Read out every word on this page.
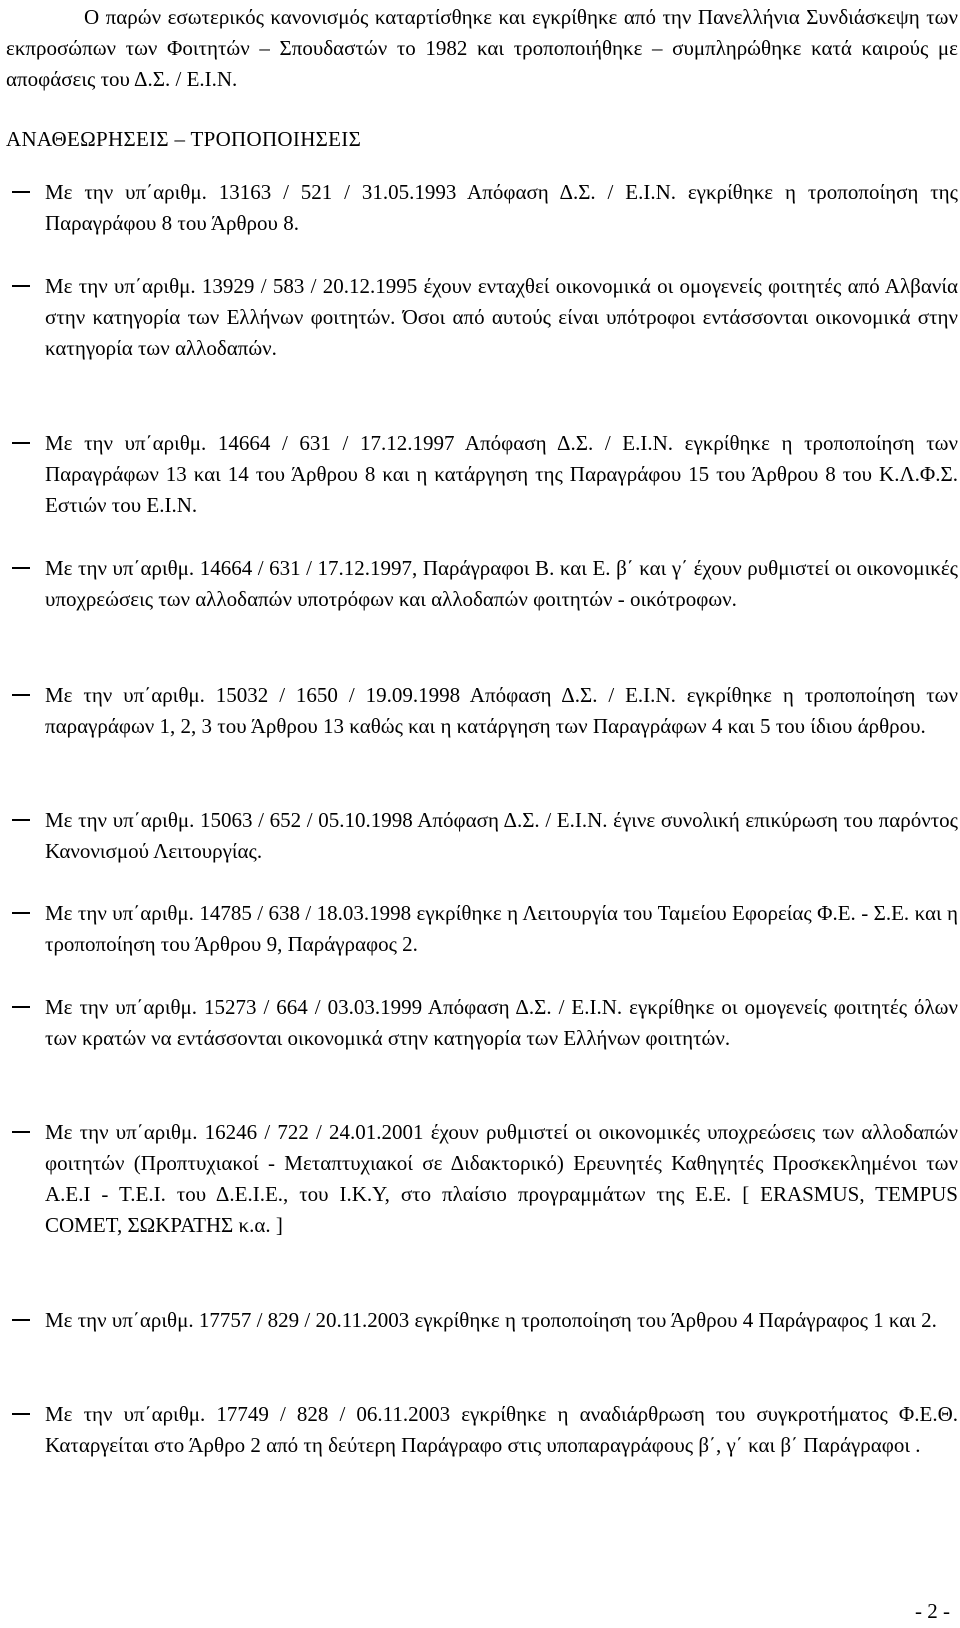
Ο παρών εσωτερικός κανονισμός καταρτίσθηκε και εγκρίθηκε από την Πανελλήνια Συνδιάσκεψη των εκπροσώπων των Φοιτητών – Σπουδαστών το 1982 και τροποποιήθηκε – συμπληρώθηκε κατά καιρούς με αποφάσεις του Δ.Σ. / Ε.Ι.Ν.

ΑΝΑΘΕΩΡΗΣΕΙΣ – ΤΡΟΠΟΠΟΙΗΣΕΙΣ

Με την υπ΄αριθμ. 13163 / 521 / 31.05.1993 Απόφαση Δ.Σ. / Ε.Ι.Ν. εγκρίθηκε η τροποποίηση της Παραγράφου 8 του Άρθρου 8.

Με την υπ΄αριθμ. 13929 / 583 / 20.12.1995 έχουν ενταχθεί οικονομικά οι ομογενείς φοιτητές από Αλβανία στην κατηγορία των Ελλήνων φοιτητών. Όσοι από αυτούς είναι υπότροφοι εντάσσονται οικονομικά στην κατηγορία των αλλοδαπών.

Με την υπ΄αριθμ. 14664 / 631 / 17.12.1997 Απόφαση Δ.Σ. / Ε.Ι.Ν. εγκρίθηκε η τροποποίηση των Παραγράφων 13 και 14 του Άρθρου 8 και η κατάργηση της Παραγράφου 15 του Άρθρου 8 του Κ.Λ.Φ.Σ. Εστιών του Ε.Ι.Ν.

Με την υπ΄αριθμ. 14664 / 631 / 17.12.1997, Παράγραφοι Β. και Ε. β΄ και γ΄ έχουν ρυθμιστεί οι οικονομικές υποχρεώσεις των αλλοδαπών υποτρόφων και αλλοδαπών φοιτητών - οικότροφων.

Με την υπ΄αριθμ. 15032 / 1650 / 19.09.1998 Απόφαση Δ.Σ. / Ε.Ι.Ν. εγκρίθηκε η τροποποίηση των παραγράφων 1, 2, 3 του Άρθρου 13 καθώς και η κατάργηση των Παραγράφων 4 και 5 του ίδιου άρθρου.

Με την υπ΄αριθμ. 15063 / 652 / 05.10.1998 Απόφαση Δ.Σ. / Ε.Ι.Ν. έγινε συνολική επικύρωση του παρόντος Κανονισμού Λειτουργίας.

Με την υπ΄αριθμ. 14785 / 638 / 18.03.1998 εγκρίθηκε η Λειτουργία του Ταμείου Εφορείας Φ.Ε. - Σ.Ε. και η τροποποίηση του Άρθρου 9, Παράγραφος 2.

Με την υπ΄αριθμ. 15273 / 664 / 03.03.1999 Απόφαση Δ.Σ. / Ε.Ι.Ν. εγκρίθηκε οι ομογενείς φοιτητές όλων των κρατών να εντάσσονται οικονομικά στην κατηγορία των Ελλήνων φοιτητών.

Με την υπ΄αριθμ. 16246 / 722 / 24.01.2001 έχουν ρυθμιστεί οι οικονομικές υποχρεώσεις των αλλοδαπών φοιτητών (Προπτυχιακοί - Μεταπτυχιακοί σε Διδακτορικό) Ερευνητές Καθηγητές Προσκεκλημένοι των Α.Ε.Ι - Τ.Ε.Ι. του Δ.Ε.Ι.Ε., του Ι.Κ.Υ, στο πλαίσιο προγραμμάτων της Ε.Ε. [ ERASMUS, TEMPUS COMET, ΣΩΚΡΑΤΗΣ κ.α. ]

Με την υπ΄αριθμ. 17757 / 829 / 20.11.2003 εγκρίθηκε η τροποποίηση του Άρθρου 4 Παράγραφος 1 και 2.

Με την υπ΄αριθμ. 17749 / 828 / 06.11.2003 εγκρίθηκε η αναδιάρθρωση του συγκροτήματος Φ.Ε.Θ. Καταργείται στο Άρθρο 2 από τη δεύτερη Παράγραφο στις υποπαραγράφους β΄, γ΄ και β΄ Παράγραφοι .

- 2 -
